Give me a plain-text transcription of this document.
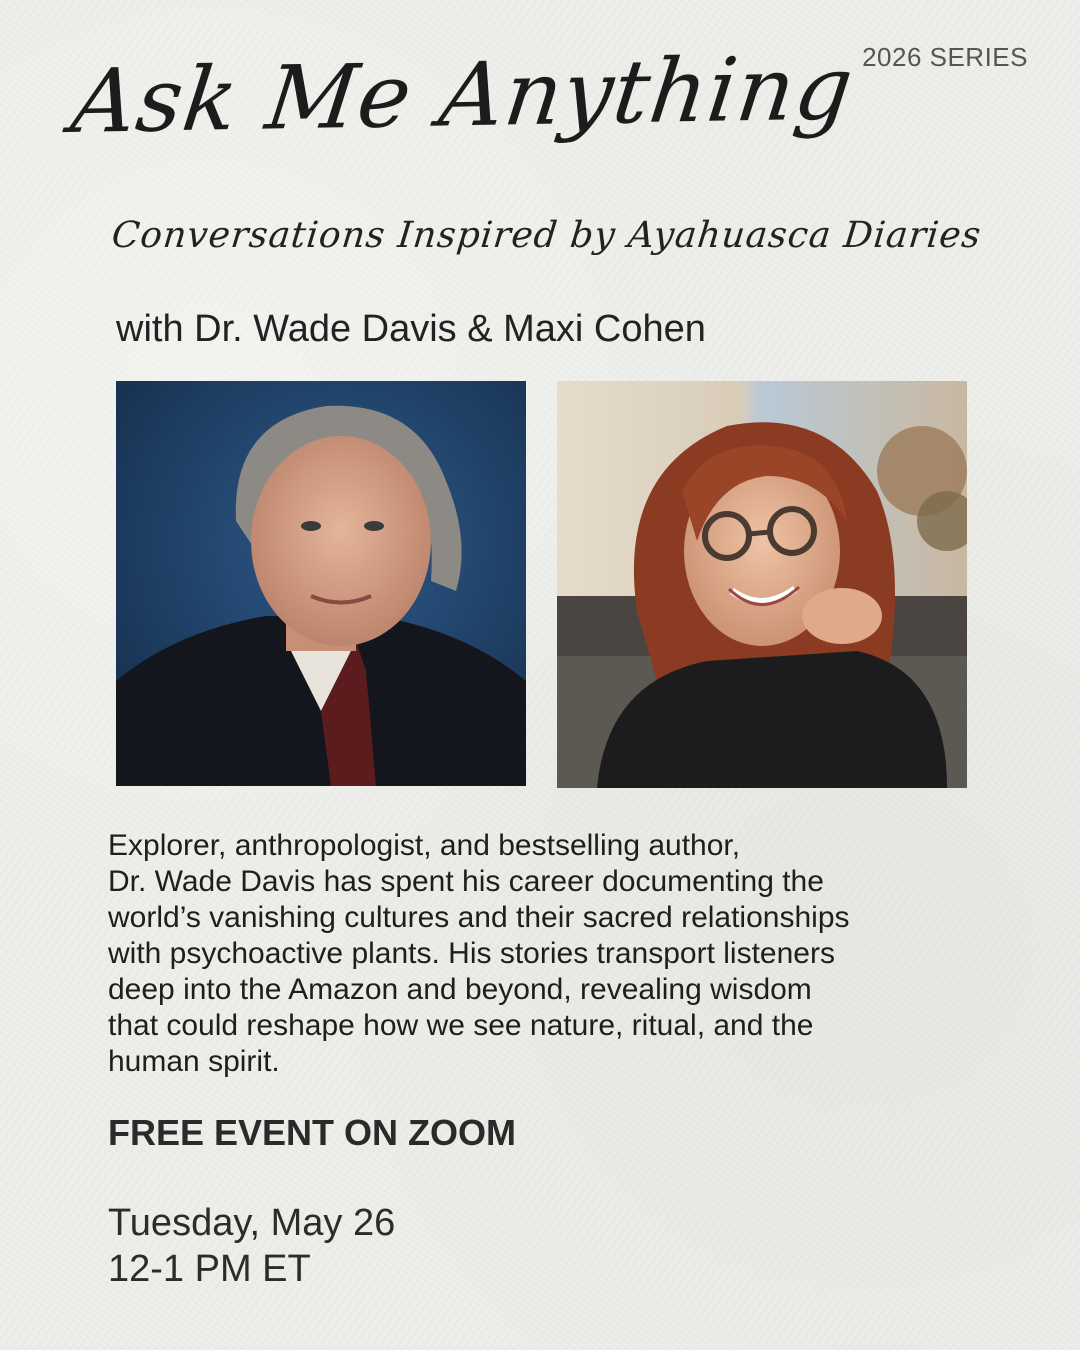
2026 SERIES
Ask Me Anything
Conversations Inspired by Ayahuasca Diaries
with Dr. Wade Davis & Maxi Cohen
Explorer, anthropologist, and bestselling author,
Dr. Wade Davis has spent his career documenting the
world’s vanishing cultures and their sacred relationships
with psychoactive plants. His stories transport listeners
deep into the Amazon and beyond, revealing wisdom
that could reshape how we see nature, ritual, and the
human spirit.
FREE EVENT ON ZOOM
Tuesday, May 26
12-1 PM ET
